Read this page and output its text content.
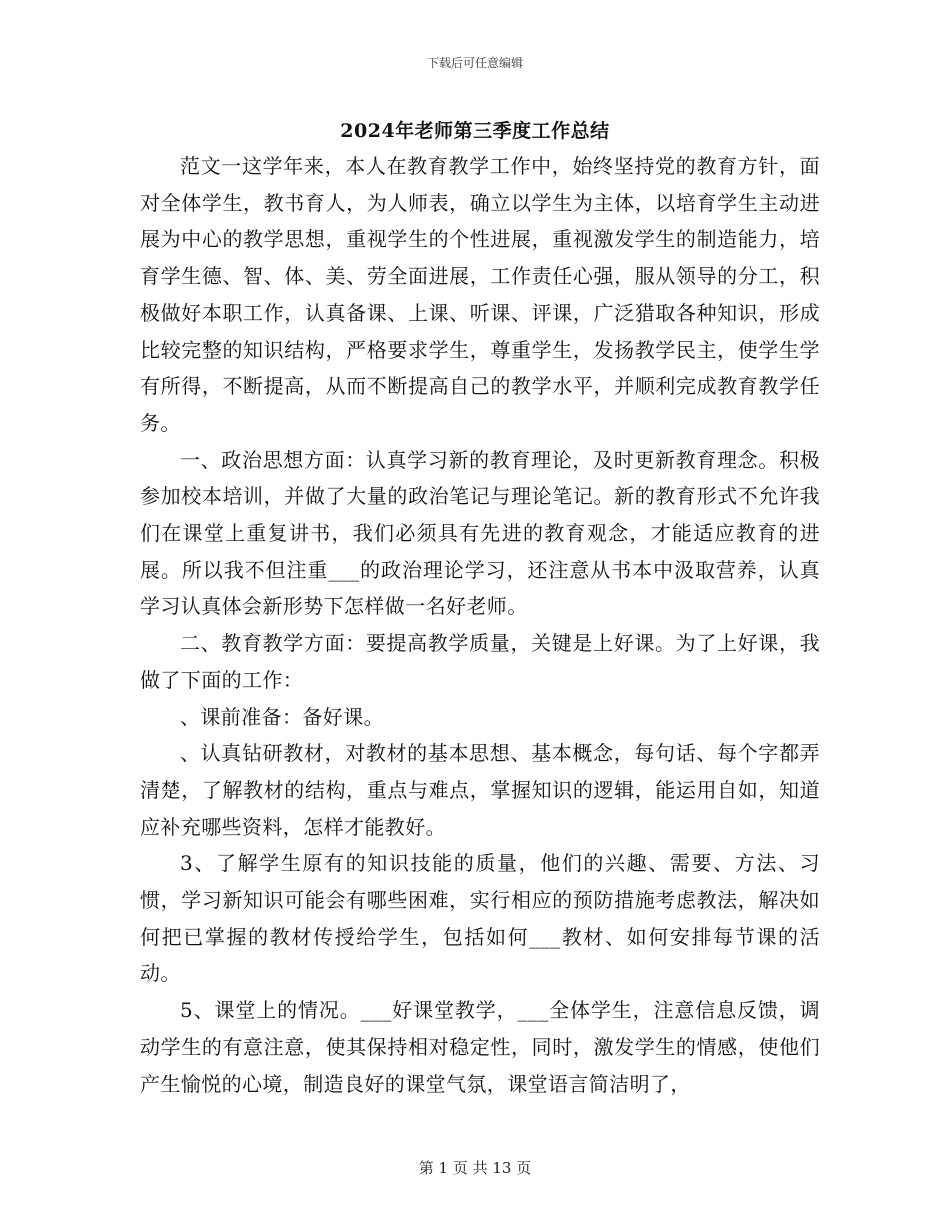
下载后可任意编辑
2024年老师第三季度工作总结

范文一这学年来，本人在教育教学工作中，始终坚持党的教育方针，面对全体学生，教书育人，为人师表，确立以学生为主体，以培育学生主动进展为中心的教学思想，重视学生的个性进展，重视激发学生的制造能力，培育学生德、智、体、美、劳全面进展，工作责任心强，服从领导的分工，积极做好本职工作，认真备课、上课、听课、评课，广泛猎取各种知识，形成比较完整的知识结构，严格要求学生，尊重学生，发扬教学民主，使学生学有所得，不断提高，从而不断提高自己的教学水平，并顺利完成教育教学任务。

一、政治思想方面：认真学习新的教育理论，及时更新教育理念。积极参加校本培训，并做了大量的政治笔记与理论笔记。新的教育形式不允许我们在课堂上重复讲书，我们必须具有先进的教育观念，才能适应教育的进展。所以我不但注重___的政治理论学习，还注意从书本中汲取营养，认真学习认真体会新形势下怎样做一名好老师。

二、教育教学方面：要提高教学质量，关键是上好课。为了上好课，我做了下面的工作：

、课前准备：备好课。

、认真钻研教材，对教材的基本思想、基本概念，每句话、每个字都弄清楚，了解教材的结构，重点与难点，掌握知识的逻辑，能运用自如，知道应补充哪些资料，怎样才能教好。

3、了解学生原有的知识技能的质量，他们的兴趣、需要、方法、习惯，学习新知识可能会有哪些困难，实行相应的预防措施考虑教法，解决如何把已掌握的教材传授给学生，包括如何___教材、如何安排每节课的活动。

5、课堂上的情况。___好课堂教学，___全体学生，注意信息反馈，调动学生的有意注意，使其保持相对稳定性，同时，激发学生的情感，使他们产生愉悦的心境，制造良好的课堂气氛，课堂语言简洁明了，

第 1 页 共 13 页
